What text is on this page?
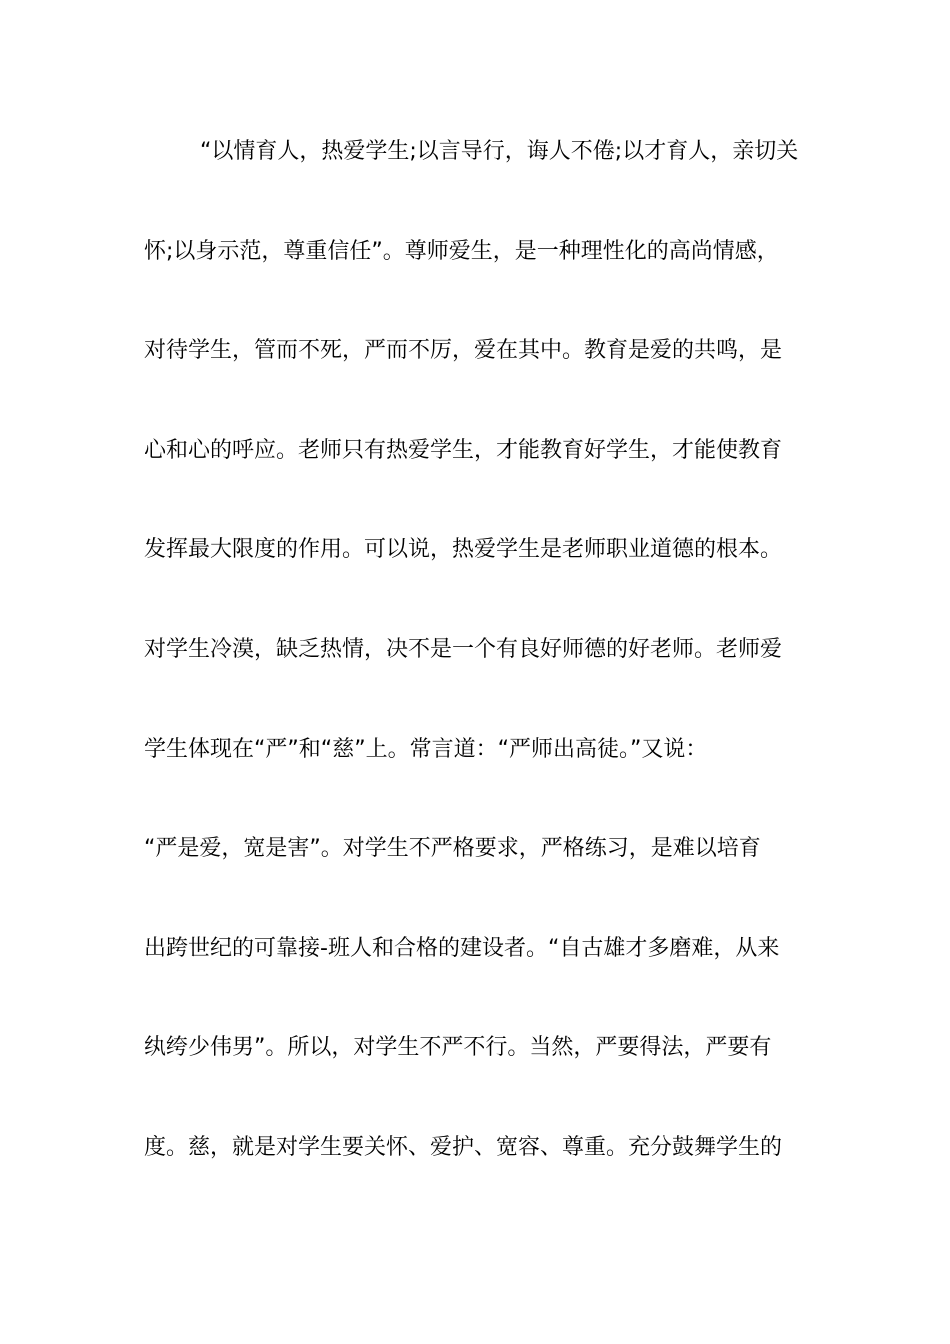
“以情育人，热爱学生;以言导行，诲人不倦;以才育人，亲切关
怀;以身示范，尊重信任”。尊师爱生，是一种理性化的高尚情感，
对待学生，管而不死，严而不厉，爱在其中。教育是爱的共鸣，是
心和心的呼应。老师只有热爱学生，才能教育好学生，才能使教育
发挥最大限度的作用。可以说，热爱学生是老师职业道德的根本。
对学生冷漠，缺乏热情，决不是一个有良好师德的好老师。老师爱
学生体现在“严”和“慈”上。常言道：“严师出高徒。”又说：
“严是爱，宽是害”。对学生不严格要求，严格练习，是难以培育
出跨世纪的可靠接-班人和合格的建设者。“自古雄才多磨难，从来
纨绔少伟男”。所以，对学生不严不行。当然，严要得法，严要有
度。慈，就是对学生要关怀、爱护、宽容、尊重。充分鼓舞学生的
